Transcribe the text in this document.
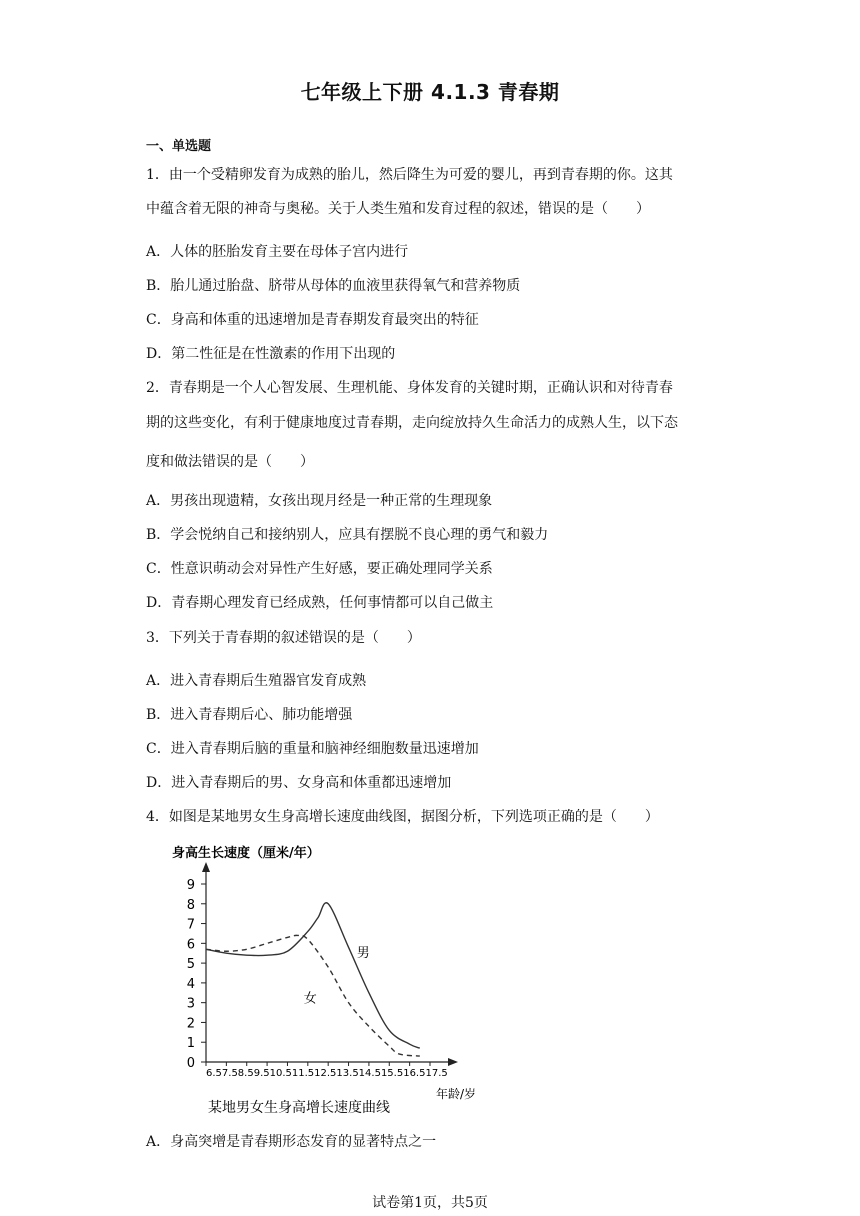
七年级上下册 4.1.3 青春期
一、单选题
1．由一个受精卵发育为成熟的胎儿，然后降生为可爱的婴儿，再到青春期的你。这其
中蕴含着无限的神奇与奥秘。关于人类生殖和发育过程的叙述，错误的是（　　）
A．人体的胚胎发育主要在母体子宫内进行
B．胎儿通过胎盘、脐带从母体的血液里获得氧气和营养物质
C．身高和体重的迅速增加是青春期发育最突出的特征
D．第二性征是在性激素的作用下出现的
2．青春期是一个人心智发展、生理机能、身体发育的关键时期，正确认识和对待青春
期的这些变化，有利于健康地度过青春期，走向绽放持久生命活力的成熟人生，以下态
度和做法错误的是（　　）
A．男孩出现遗精，女孩出现月经是一种正常的生理现象
B．学会悦纳自己和接纳别人，应具有摆脱不良心理的勇气和毅力
C．性意识萌动会对异性产生好感，要正确处理同学关系
D．青春期心理发育已经成熟，任何事情都可以自己做主
3．下列关于青春期的叙述错误的是（　　）
A．进入青春期后生殖器官发育成熟
B．进入青春期后心、肺功能增强
C．进入青春期后脑的重量和脑神经细胞数量迅速增加
D．进入青春期后的男、女身高和体重都迅速增加
4．如图是某地男女生身高增长速度曲线图，据图分析，下列选项正确的是（　　）
身高生长速度（厘米/年）
0
1
2
3
4
5
6
7
8
9
男
女
年龄/岁
6.57.58.59.510.511.512.513.514.515.516.517.5
某地男女生身高增长速度曲线
A．身高突增是青春期形态发育的显著特点之一
试卷第1页，共5页
